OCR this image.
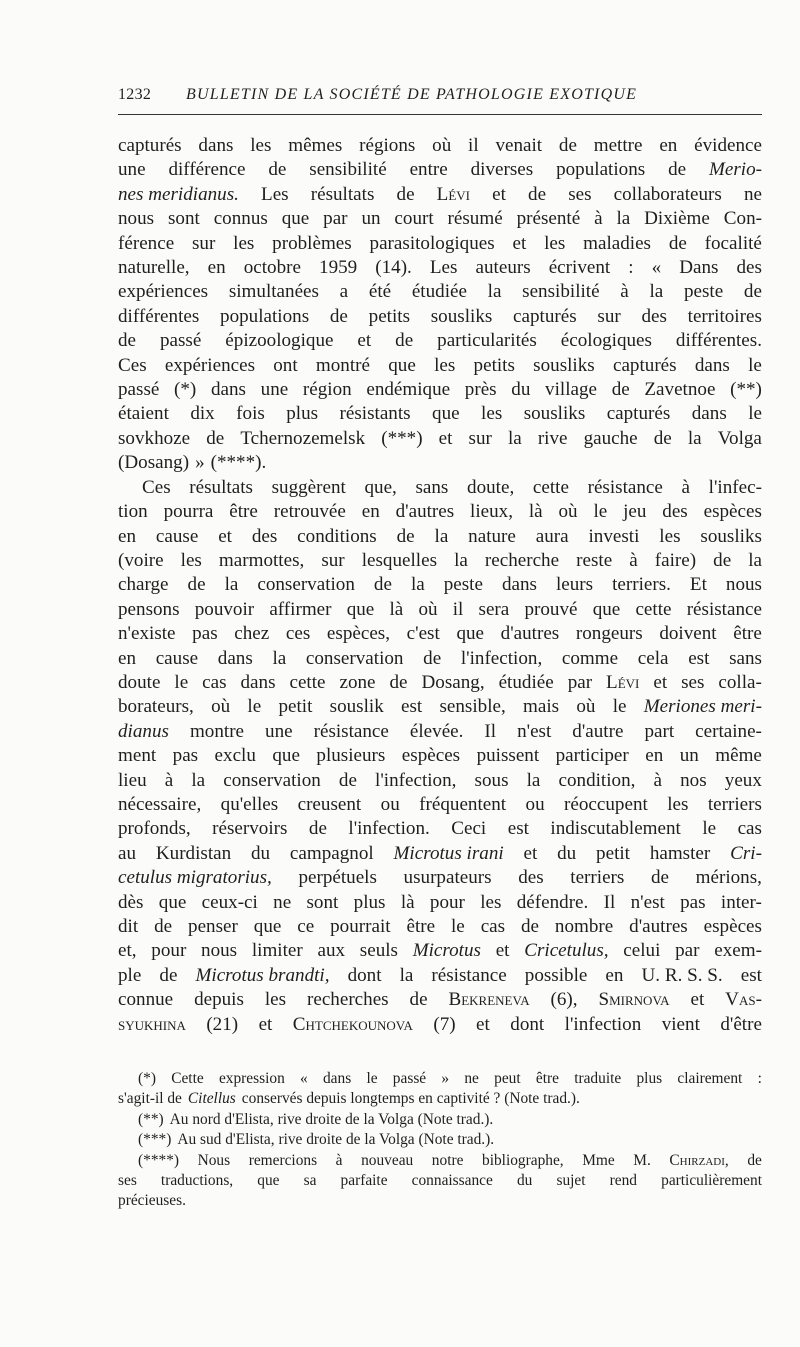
1232	BULLETIN DE LA SOCIÉTÉ DE PATHOLOGIE EXOTIQUE
capturés dans les mêmes régions où il venait de mettre en évidence
une différence de sensibilité entre diverses populations de Merio-
nes meridianus. Les résultats de Lévi et de ses collaborateurs ne
nous sont connus que par un court résumé présenté à la Dixième Con-
férence sur les problèmes parasitologiques et les maladies de focalité
naturelle, en octobre 1959 (14). Les auteurs écrivent : « Dans des
expériences simultanées a été étudiée la sensibilité à la peste de
différentes populations de petits sousliks capturés sur des territoires
de passé épizoologique et de particularités écologiques différentes.
Ces expériences ont montré que les petits sousliks capturés dans le
passé (*) dans une région endémique près du village de Zavetnoe (**)
étaient dix fois plus résistants que les sousliks capturés dans le
sovkhoze de Tchernozemelsk (***) et sur la rive gauche de la Volga
(Dosang) » (****).
Ces résultats suggèrent que, sans doute, cette résistance à l'infec-
tion pourra être retrouvée en d'autres lieux, là où le jeu des espèces
en cause et des conditions de la nature aura investi les sousliks
(voire les marmottes, sur lesquelles la recherche reste à faire) de la
charge de la conservation de la peste dans leurs terriers. Et nous
pensons pouvoir affirmer que là où il sera prouvé que cette résistance
n'existe pas chez ces espèces, c'est que d'autres rongeurs doivent être
en cause dans la conservation de l'infection, comme cela est sans
doute le cas dans cette zone de Dosang, étudiée par Lévi et ses colla-
borateurs, où le petit souslik est sensible, mais où le Meriones meri-
dianus montre une résistance élevée. Il n'est d'autre part certaine-
ment pas exclu que plusieurs espèces puissent participer en un même
lieu à la conservation de l'infection, sous la condition, à nos yeux
nécessaire, qu'elles creusent ou fréquentent ou réoccupent les terriers
profonds, réservoirs de l'infection. Ceci est indiscutablement le cas
au Kurdistan du campagnol Microtus irani et du petit hamster Cri-
cetulus migratorius, perpétuels usurpateurs des terriers de mérions,
dès que ceux-ci ne sont plus là pour les défendre. Il n'est pas inter-
dit de penser que ce pourrait être le cas de nombre d'autres espèces
et, pour nous limiter aux seuls Microtus et Cricetulus, celui par exem-
ple de Microtus brandti, dont la résistance possible en U. R. S. S. est
connue depuis les recherches de Bekreneva (6), Smirnova et Vas-
syukhina (21) et Chtchekounova (7) et dont l'infection vient d'être
(*) Cette expression « dans le passé » ne peut être traduite plus clairement :
s'agit-il de Citellus conservés depuis longtemps en captivité ? (Note trad.).
(**) Au nord d'Elista, rive droite de la Volga (Note trad.).
(***) Au sud d'Elista, rive droite de la Volga (Note trad.).
(****) Nous remercions à nouveau notre bibliographe, Mme M. Chirzadi, de
ses traductions, que sa parfaite connaissance du sujet rend particulièrement
précieuses.
